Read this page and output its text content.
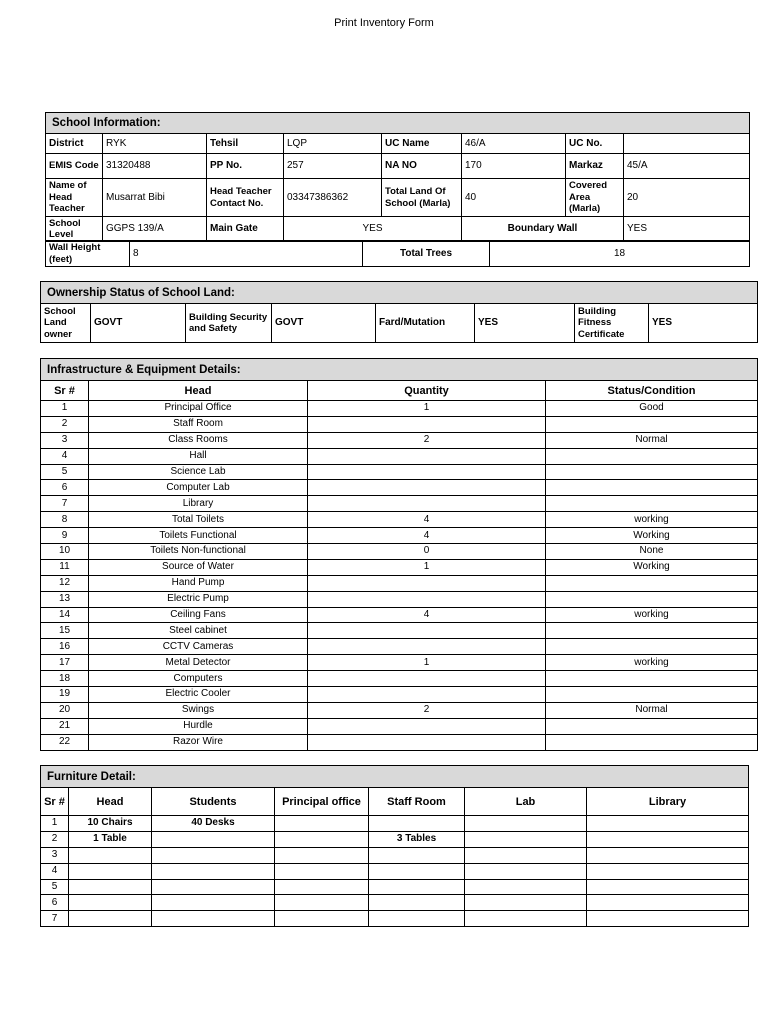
Print Inventory Form
School Information:							
District	RYK	Tehsil	LQP	UC Name	46/A	UC No.	
EMIS Code	31320488	PP No.	257	NA NO	170	Markaz	45/A
Name of Head Teacher	Musarrat Bibi	Head Teacher Contact No.	03347386362	Total Land Of School (Marla)	40	Covered Area (Marla)	20
School Level	GGPS 139/A	Main Gate	YES		Boundary Wall		YES
Wall Height (feet)	8	Total Trees	18
Ownership Status of School Land:
School Land owner	GOVT	Building Security and Safety	GOVT	Fard/Mutation	YES	Building Fitness Certificate	YES
Infrastructure & Equipment Details:			
Sr #	Head	Quantity	Status/Condition
1	Principal Office	1	Good
2	Staff Room		
3	Class Rooms	2	Normal
4	Hall		
5	Science Lab		
6	Computer Lab		
7	Library		
8	Total Toilets	4	working
9	Toilets Functional	4	Working
10	Toilets Non-functional	0	None
11	Source of Water	1	Working
12	Hand Pump		
13	Electric Pump		
14	Ceiling Fans	4	working
15	Steel cabinet		
16	CCTV Cameras		
17	Metal Detector	1	working
18	Computers		
19	Electric Cooler		
20	Swings	2	Normal
21	Hurdle		
22	Razor Wire		
Furniture Detail:						
Sr #	Head	Students	Principal office	Staff Room	Lab	Library
1	10 Chairs	40 Desks				
2	1 Table			3 Tables		
3						
4						
5						
6						
7						
